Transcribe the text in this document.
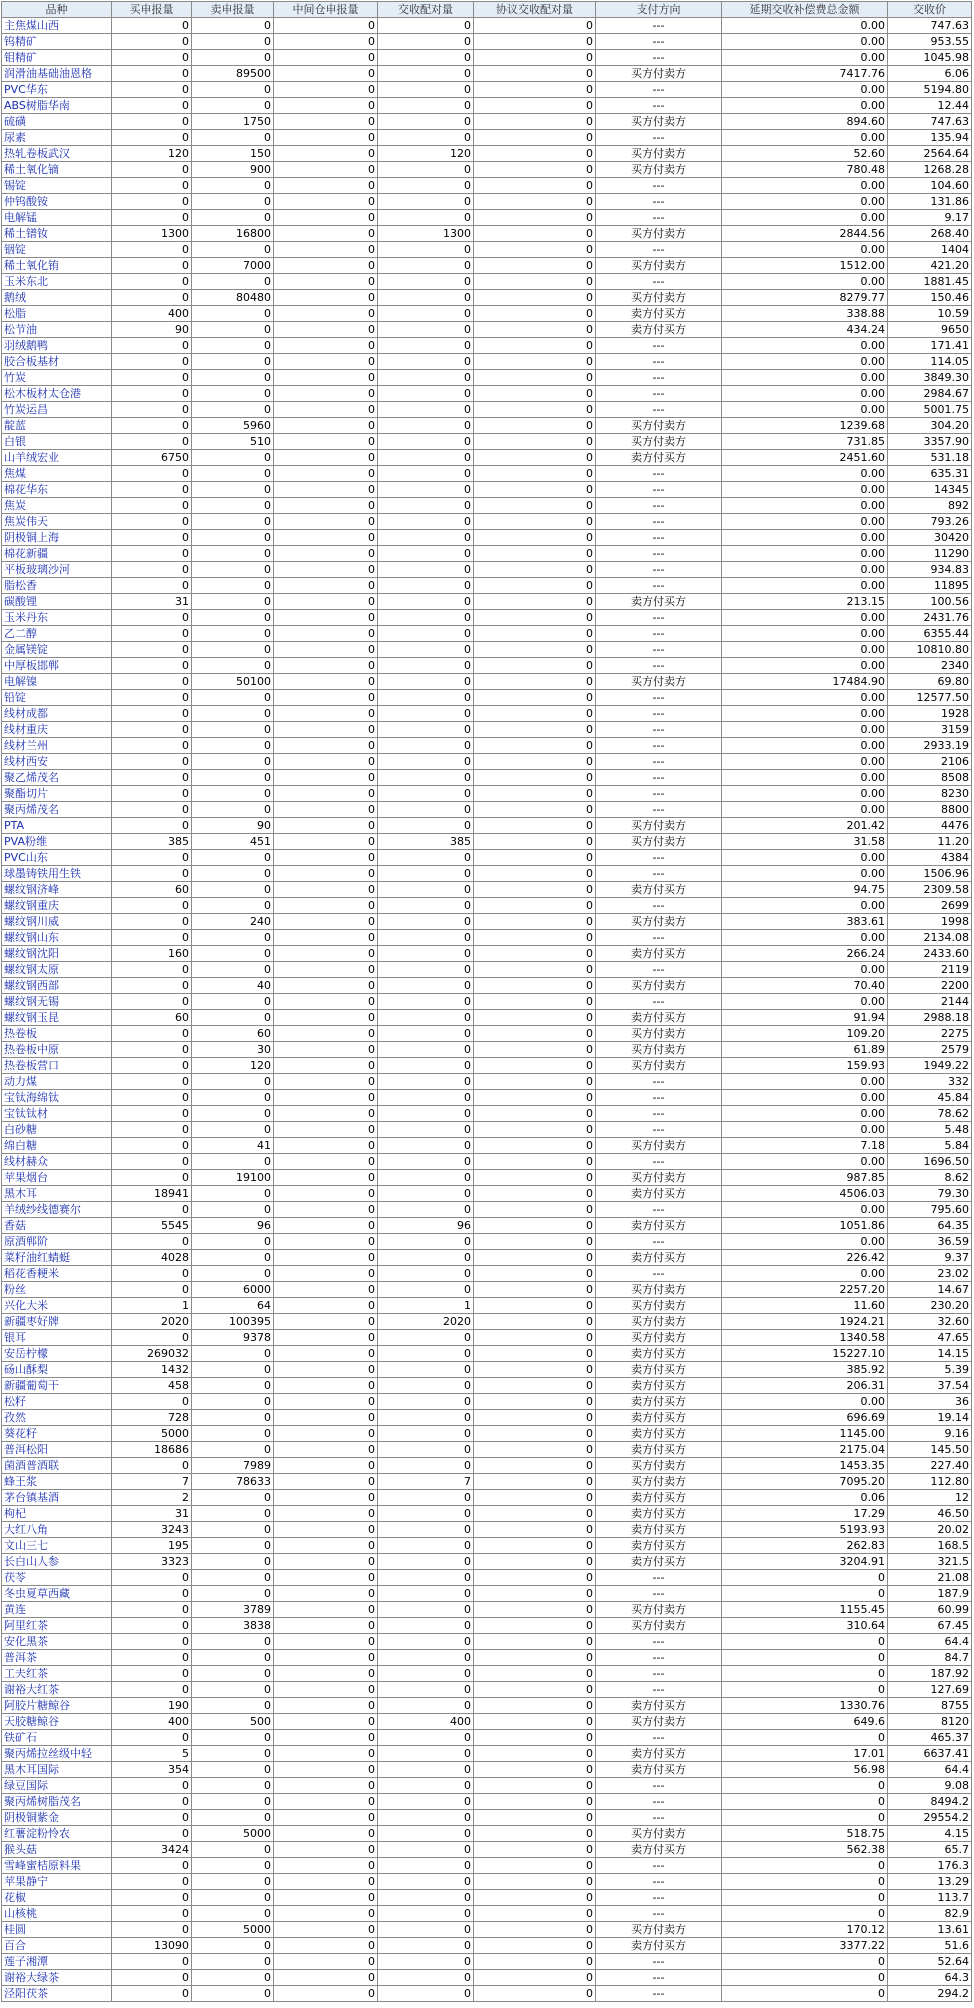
品种	买申报量	卖申报量	中间仓申报量	交收配对量	协议交收配对量	支付方向	延期交收补偿费总金额	交收价
主焦煤山西	0	0	0	0	0	---	0.00	747.63
钨精矿	0	0	0	0	0	---	0.00	953.55
钼精矿	0	0	0	0	0	---	0.00	1045.98
润滑油基础油恩格	0	89500	0	0	0	买方付卖方	7417.76	6.06
PVC华东	0	0	0	0	0	---	0.00	5194.80
ABS树脂华南	0	0	0	0	0	---	0.00	12.44
硫磺	0	1750	0	0	0	买方付卖方	894.60	747.63
尿素	0	0	0	0	0	---	0.00	135.94
热轧卷板武汉	120	150	0	120	0	买方付卖方	52.60	2564.64
稀土氧化镝	0	900	0	0	0	买方付卖方	780.48	1268.28
锡锭	0	0	0	0	0	---	0.00	104.60
仲钨酸铵	0	0	0	0	0	---	0.00	131.86
电解锰	0	0	0	0	0	---	0.00	9.17
稀土镨钕	1300	16800	0	1300	0	买方付卖方	2844.56	268.40
铟锭	0	0	0	0	0	---	0.00	1404
稀土氧化铕	0	7000	0	0	0	买方付卖方	1512.00	421.20
玉米东北	0	0	0	0	0	---	0.00	1881.45
鹅绒	0	80480	0	0	0	买方付卖方	8279.77	150.46
松脂	400	0	0	0	0	卖方付买方	338.88	10.59
松节油	90	0	0	0	0	卖方付买方	434.24	9650
羽绒鹅鸭	0	0	0	0	0	---	0.00	171.41
胶合板基材	0	0	0	0	0	---	0.00	114.05
竹炭	0	0	0	0	0	---	0.00	3849.30
松木板材太仓港	0	0	0	0	0	---	0.00	2984.67
竹炭运昌	0	0	0	0	0	---	0.00	5001.75
靛蓝	0	5960	0	0	0	买方付卖方	1239.68	304.20
白银	0	510	0	0	0	买方付卖方	731.85	3357.90
山羊绒宏业	6750	0	0	0	0	卖方付买方	2451.60	531.18
焦煤	0	0	0	0	0	---	0.00	635.31
棉花华东	0	0	0	0	0	---	0.00	14345
焦炭	0	0	0	0	0	---	0.00	892
焦炭伟天	0	0	0	0	0	---	0.00	793.26
阴极铜上海	0	0	0	0	0	---	0.00	30420
棉花新疆	0	0	0	0	0	---	0.00	11290
平板玻璃沙河	0	0	0	0	0	---	0.00	934.83
脂松香	0	0	0	0	0	---	0.00	11895
碳酸锂	31	0	0	0	0	卖方付买方	213.15	100.56
玉米丹东	0	0	0	0	0	---	0.00	2431.76
乙二醇	0	0	0	0	0	---	0.00	6355.44
金属镁锭	0	0	0	0	0	---	0.00	10810.80
中厚板邯郸	0	0	0	0	0	---	0.00	2340
电解镍	0	50100	0	0	0	买方付卖方	17484.90	69.80
铅锭	0	0	0	0	0	---	0.00	12577.50
线材成都	0	0	0	0	0	---	0.00	1928
线材重庆	0	0	0	0	0	---	0.00	3159
线材兰州	0	0	0	0	0	---	0.00	2933.19
线材西安	0	0	0	0	0	---	0.00	2106
聚乙烯茂名	0	0	0	0	0	---	0.00	8508
聚酯切片	0	0	0	0	0	---	0.00	8230
聚丙烯茂名	0	0	0	0	0	---	0.00	8800
PTA	0	90	0	0	0	买方付卖方	201.42	4476
PVA粉维	385	451	0	385	0	买方付卖方	31.58	11.20
PVC山东	0	0	0	0	0	---	0.00	4384
球墨铸铁用生铁	0	0	0	0	0	---	0.00	1506.96
螺纹钢济峰	60	0	0	0	0	卖方付买方	94.75	2309.58
螺纹钢重庆	0	0	0	0	0	---	0.00	2699
螺纹钢川威	0	240	0	0	0	买方付卖方	383.61	1998
螺纹钢山东	0	0	0	0	0	---	0.00	2134.08
螺纹钢沈阳	160	0	0	0	0	卖方付买方	266.24	2433.60
螺纹钢太原	0	0	0	0	0	---	0.00	2119
螺纹钢西部	0	40	0	0	0	买方付卖方	70.40	2200
螺纹钢无锡	0	0	0	0	0	---	0.00	2144
螺纹钢玉昆	60	0	0	0	0	卖方付买方	91.94	2988.18
热卷板	0	60	0	0	0	买方付卖方	109.20	2275
热卷板中原	0	30	0	0	0	买方付卖方	61.89	2579
热卷板营口	0	120	0	0	0	买方付卖方	159.93	1949.22
动力煤	0	0	0	0	0	---	0.00	332
宝钛海绵钛	0	0	0	0	0	---	0.00	45.84
宝钛钛材	0	0	0	0	0	---	0.00	78.62
白砂糖	0	0	0	0	0	---	0.00	5.48
绵白糖	0	41	0	0	0	买方付卖方	7.18	5.84
线材赫众	0	0	0	0	0	---	0.00	1696.50
苹果烟台	0	19100	0	0	0	买方付卖方	987.85	8.62
黑木耳	18941	0	0	0	0	卖方付买方	4506.03	79.30
羊绒纱线德赛尔	0	0	0	0	0	---	0.00	795.60
香菇	5545	96	0	96	0	卖方付买方	1051.86	64.35
原酒郸阶	0	0	0	0	0	---	0.00	36.59
菜籽油红蜻蜓	4028	0	0	0	0	卖方付买方	226.42	9.37
稻花香粳米	0	0	0	0	0	---	0.00	23.02
粉丝	0	6000	0	0	0	买方付卖方	2257.20	14.67
兴化大米	1	64	0	1	0	买方付卖方	11.60	230.20
新疆枣好牌	2020	100395	0	2020	0	买方付卖方	1924.21	32.60
银耳	0	9378	0	0	0	买方付卖方	1340.58	47.65
安岳柠檬	269032	0	0	0	0	卖方付买方	15227.10	14.15
砀山酥梨	1432	0	0	0	0	卖方付买方	385.92	5.39
新疆葡萄干	458	0	0	0	0	卖方付买方	206.31	37.54
松籽	0	0	0	0	0	卖方付买方	0.00	36
孜然	728	0	0	0	0	卖方付买方	696.69	19.14
葵花籽	5000	0	0	0	0	卖方付买方	1145.00	9.16
普洱松阳	18686	0	0	0	0	卖方付买方	2175.04	145.50
菌酒普酒联	0	7989	0	0	0	买方付卖方	1453.35	227.40
蜂王浆	7	78633	0	7	0	买方付卖方	7095.20	112.80
茅台镇基酒	2	0	0	0	0	卖方付买方	0.06	12
枸杞	31	0	0	0	0	卖方付买方	17.29	46.50
大红八角	3243	0	0	0	0	卖方付买方	5193.93	20.02
文山三七	195	0	0	0	0	卖方付买方	262.83	168.5
长白山人参	3323	0	0	0	0	卖方付买方	3204.91	321.5
茯苓	0	0	0	0	0	---	0	21.08
冬虫夏草西藏	0	0	0	0	0	---	0	187.9
黄连	0	3789	0	0	0	买方付卖方	1155.45	60.99
阿里红茶	0	3838	0	0	0	买方付卖方	310.64	67.45
安化黑茶	0	0	0	0	0	---	0	64.4
普洱茶	0	0	0	0	0	---	0	84.7
工夫红茶	0	0	0	0	0	---	0	187.92
谢裕大红茶	0	0	0	0	0	---	0	127.69
阿胶片糖鲸谷	190	0	0	0	0	卖方付买方	1330.76	8755
天胶糖鲸谷	400	500	0	400	0	买方付卖方	649.6	8120
铁矿石	0	0	0	0	0	---	0	465.37
聚丙烯拉丝级中轻	5	0	0	0	0	卖方付买方	17.01	6637.41
黑木耳国际	354	0	0	0	0	卖方付买方	56.98	64.4
绿豆国际	0	0	0	0	0	---	0	9.08
聚丙烯树脂茂名	0	0	0	0	0	---	0	8494.2
阴极铜紫金	0	0	0	0	0	---	0	29554.2
红薯淀粉怜农	0	5000	0	0	0	买方付卖方	518.75	4.15
猴头菇	3424	0	0	0	0	卖方付买方	562.38	65.7
雪峰蜜桔原料果	0	0	0	0	0	---	0	176.3
苹果静宁	0	0	0	0	0	---	0	13.29
花椒	0	0	0	0	0	---	0	113.7
山核桃	0	0	0	0	0	---	0	82.9
桂圆	0	5000	0	0	0	买方付卖方	170.12	13.61
百合	13090	0	0	0	0	卖方付买方	3377.22	51.6
莲子湘潭	0	0	0	0	0	---	0	52.64
谢裕大绿茶	0	0	0	0	0	---	0	64.3
泾阳茯茶	0	0	0	0	0	---	0	294.2
